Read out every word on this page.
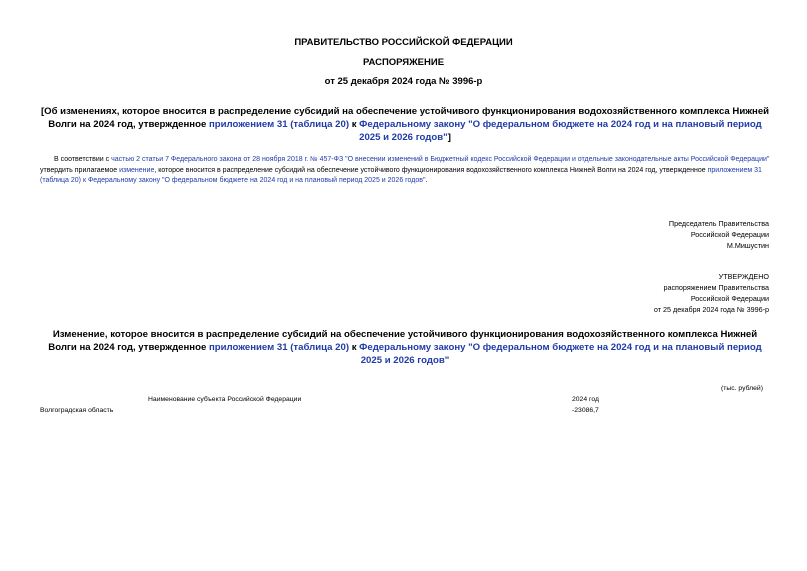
ПРАВИТЕЛЬСТВО РОССИЙСКОЙ ФЕДЕРАЦИИ
РАСПОРЯЖЕНИЕ
от 25 декабря 2024 года № 3996-р
[Об изменениях, которое вносится в распределение субсидий на обеспечение устойчивого функционирования водохозяйственного комплекса Нижней Волги на 2024 год, утвержденное приложением 31 (таблица 20) к Федеральному закону "О федеральном бюджете на 2024 год и на плановый период 2025 и 2026 годов"]
В соответствии с частью 2 статьи 7 Федерального закона от 28 ноября 2018 г. № 457-ФЗ "О внесении изменений в Бюджетный кодекс Российской Федерации и отдельные законодательные акты Российской Федерации" утвердить прилагаемое изменение, которое вносится в распределение субсидий на обеспечение устойчивого функционирования водохозяйственного комплекса Нижней Волги на 2024 год, утвержденное приложением 31 (таблица 20) к Федеральному закону "О федеральном бюджете на 2024 год и на плановый период 2025 и 2026 годов".
Председатель Правительства
Российской Федерации
М.Мишустин
УТВЕРЖДЕНО
распоряжением Правительства
Российской Федерации
от 25 декабря 2024 года № 3996-р
Изменение, которое вносится в распределение субсидий на обеспечение устойчивого функционирования водохозяйственного комплекса Нижней Волги на 2024 год, утвержденное приложением 31 (таблица 20) к Федеральному закону "О федеральном бюджете на 2024 год и на плановый период 2025 и 2026 годов"
(тыс. рублей)
Наименование субъекта Российской Федерации	2024 год
Волгоградская область	-23086,7
